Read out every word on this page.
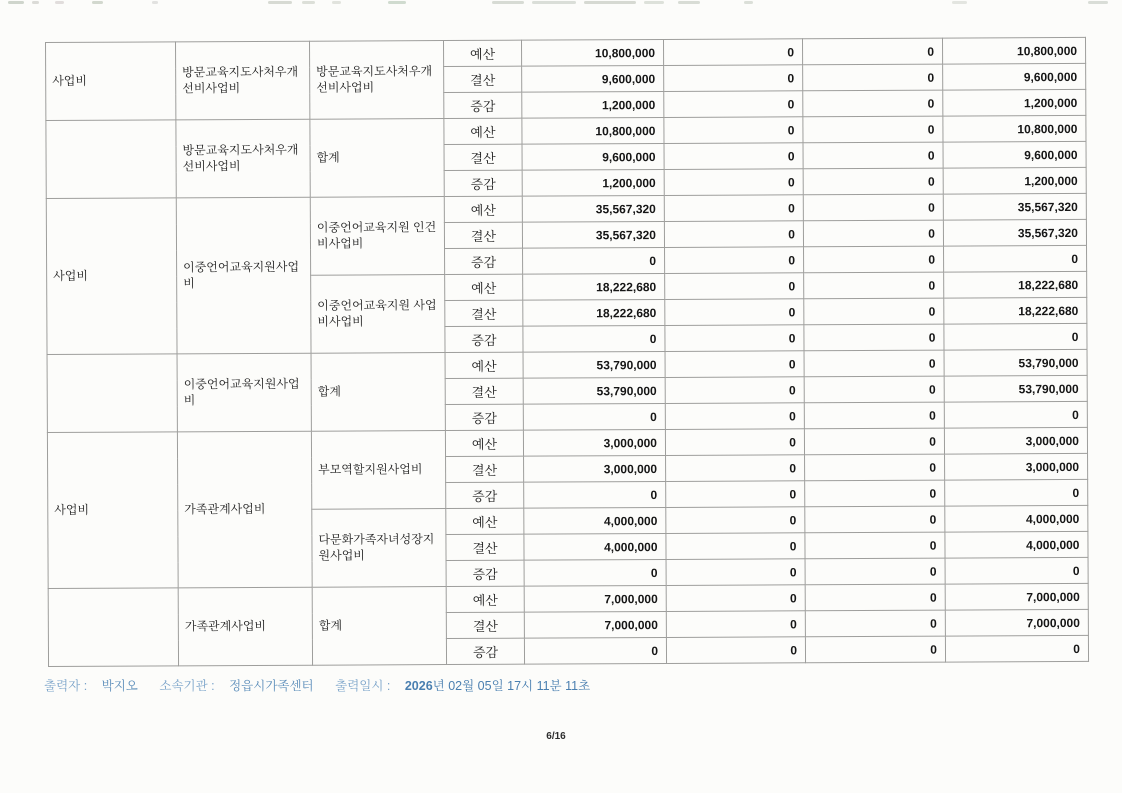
사업비	방문교육지도사처우개선비사업비	방문교육지도사처우개선비사업비	예산	10,800,000	0	0	10,800,000
			결산	9,600,000	0	0	9,600,000
			증감	1,200,000	0	0	1,200,000
	방문교육지도사처우개선비사업비	합계	예산	10,800,000	0	0	10,800,000
			결산	9,600,000	0	0	9,600,000
			증감	1,200,000	0	0	1,200,000
사업비	이중언어교육지원사업비	이중언어교육지원 인건비사업비	예산	35,567,320	0	0	35,567,320
			결산	35,567,320	0	0	35,567,320
			증감	0	0	0	0
		이중언어교육지원 사업비사업비	예산	18,222,680	0	0	18,222,680
			결산	18,222,680	0	0	18,222,680
			증감	0	0	0	0
	이중언어교육지원사업비	합계	예산	53,790,000	0	0	53,790,000
			결산	53,790,000	0	0	53,790,000
			증감	0	0	0	0
사업비	가족관계사업비	부모역할지원사업비	예산	3,000,000	0	0	3,000,000
			결산	3,000,000	0	0	3,000,000
			증감	0	0	0	0
		다문화가족자녀성장지원사업비	예산	4,000,000	0	0	4,000,000
			결산	4,000,000	0	0	4,000,000
			증감	0	0	0	0
	가족관계사업비	합계	예산	7,000,000	0	0	7,000,000
			결산	7,000,000	0	0	7,000,000
			증감	0	0	0	0
출력자 : 박지오 소속기관 : 정읍시가족센터 출력일시 : 2026년 02월 05일 17시 11분 11초
6/16
